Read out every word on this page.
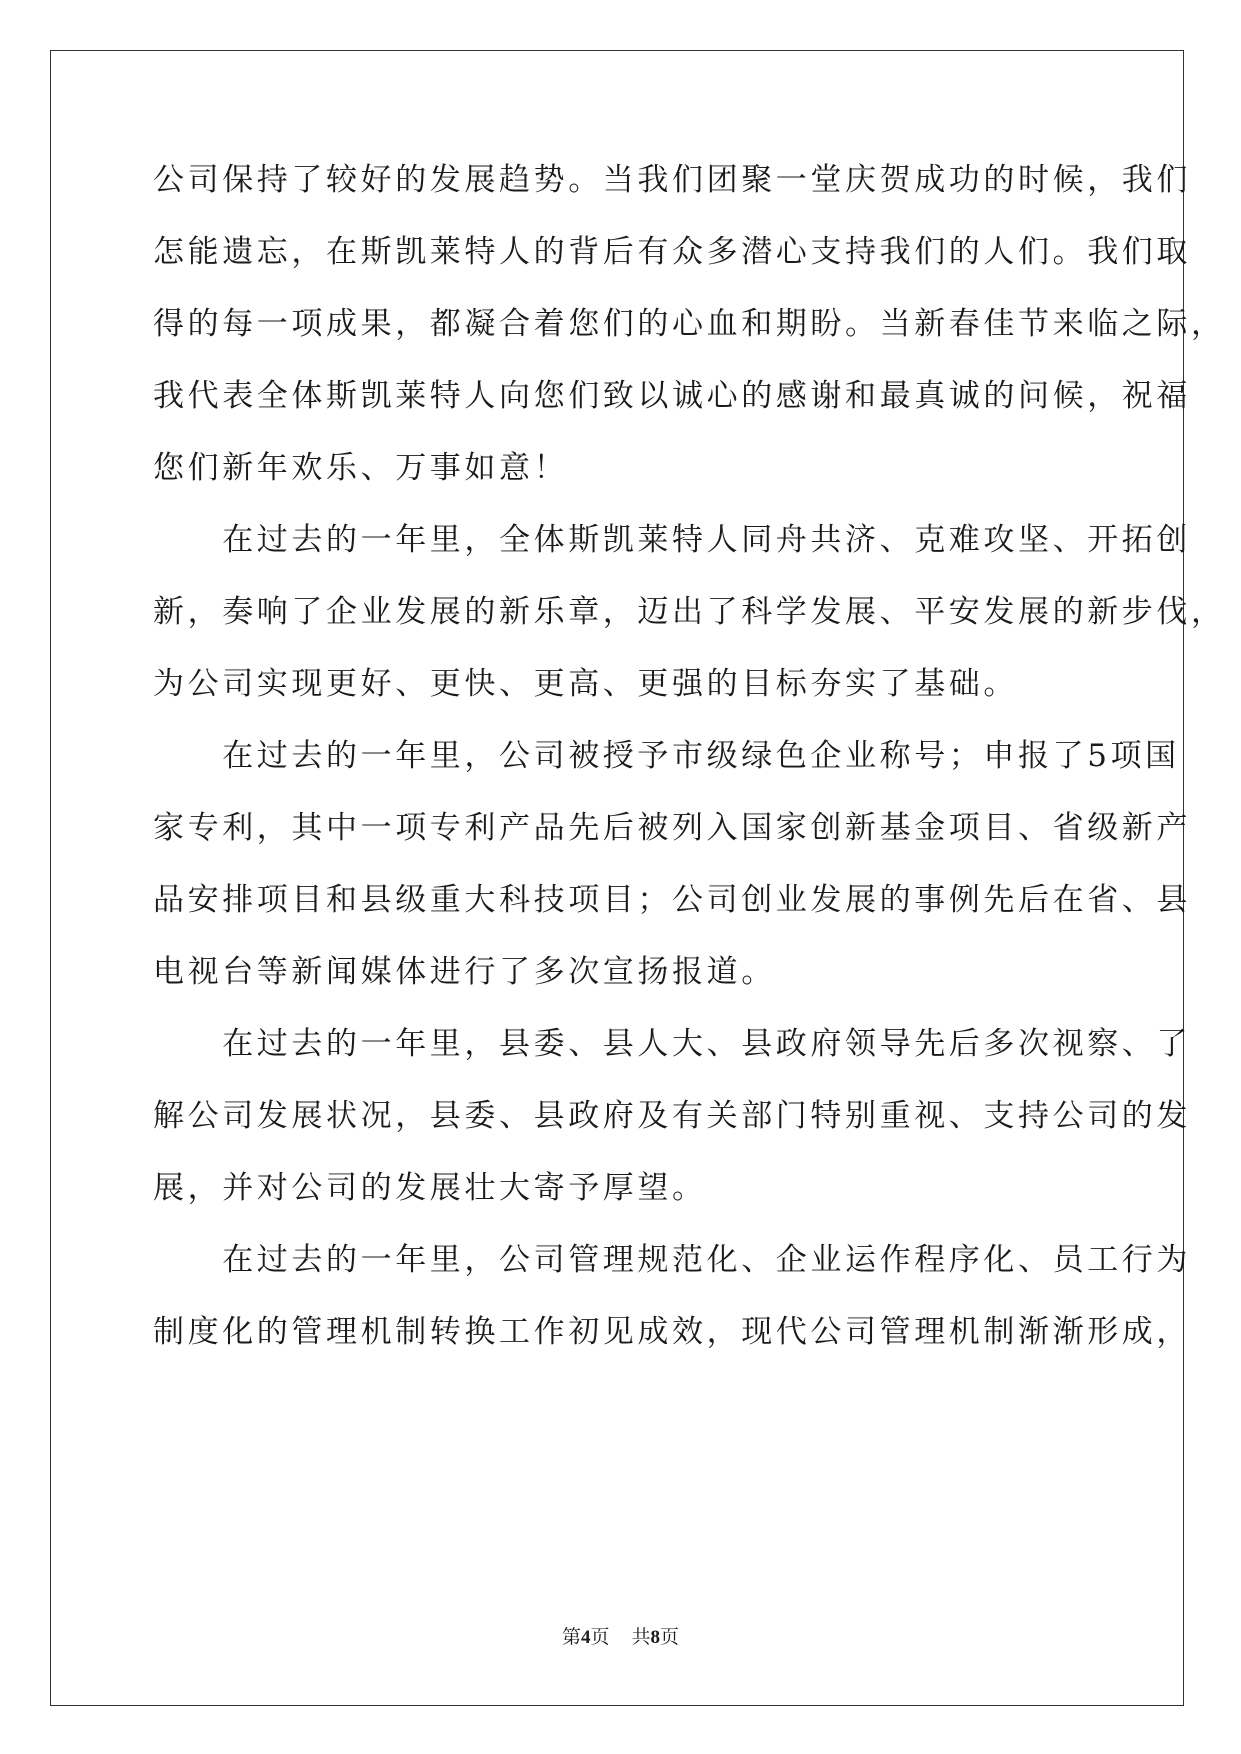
公司保持了较好的发展趋势。当我们团聚一堂庆贺成功的时候，我们
怎能遗忘，在斯凯莱特人的背后有众多潜心支持我们的人们。我们取
得的每一项成果，都凝合着您们的心血和期盼。当新春佳节来临之际，
我代表全体斯凯莱特人向您们致以诚心的感谢和最真诚的问候，祝福
您们新年欢乐、万事如意！
　　在过去的一年里，全体斯凯莱特人同舟共济、克难攻坚、开拓创
新，奏响了企业发展的新乐章，迈出了科学发展、平安发展的新步伐，
为公司实现更好、更快、更高、更强的目标夯实了基础。
　　在过去的一年里，公司被授予市级绿色企业称号；申报了5项国
家专利，其中一项专利产品先后被列入国家创新基金项目、省级新产
品安排项目和县级重大科技项目；公司创业发展的事例先后在省、县
电视台等新闻媒体进行了多次宣扬报道。
　　在过去的一年里，县委、县人大、县政府领导先后多次视察、了
解公司发展状况，县委、县政府及有关部门特别重视、支持公司的发
展，并对公司的发展壮大寄予厚望。
　　在过去的一年里，公司管理规范化、企业运作程序化、员工行为
制度化的管理机制转换工作初见成效，现代公司管理机制渐渐形成，
第4页 共8页
